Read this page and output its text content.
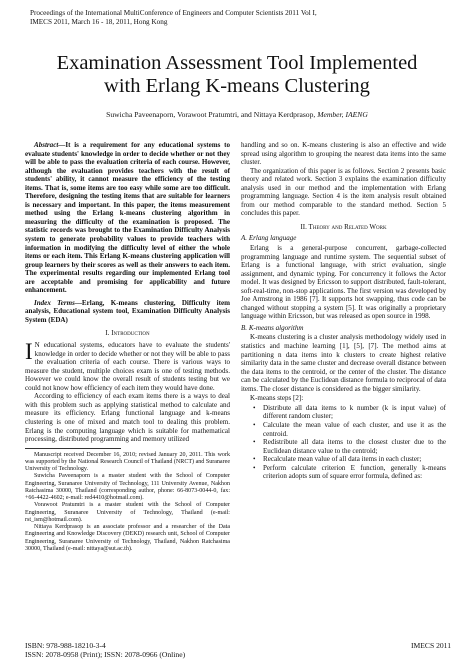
Proceedings of the International MultiConference of Engineers and Computer Scientists 2011 Vol I,
IMECS 2011, March 16 - 18, 2011, Hong Kong

Examination Assessment Tool Implemented
with Erlang K-means Clustering

Suwicha Paveenaporn, Vorawoot Pratumtri, and Nittaya Kerdprasop, Member, IAENG

Abstract—It is a requirement for any educational systems to evaluate students' knowledge in order to decide whether or not they will be able to pass the evaluation criteria of each course. However, although the evaluation provides teachers with the result of students' ability, it cannot measure the efficiency of the testing items. That is, some items are too easy while some are too difficult. Therefore, designing the testing items that are suitable for learners is necessary and important. In this paper, the items measurement method using the Erlang k-means clustering algorithm in measuring the difficulty of the examination is proposed. The statistic records was brought to the Examination Difficulty Analysis system to generate probability values to provide teachers with information in modifying the difficulty level of either the whole items or each item. This Erlang K-means clustering application will group learners by their scores as well as their answers to each item. The experimental results regarding our implemented Erlang tool are acceptable and promising for applicability and future enhancement.

Index Terms—Erlang, K-means clustering, Difficulty item analysis, Educational system tool, Examination Difficulty Analysis System (EDA)

I. Introduction

I N educational systems, educators have to evaluate the students' knowledge in order to decide whether or not they will be able to pass the evaluation criteria of each course. There is various ways to measure the student, multiple choices exam is one of testing methods. However we could know the overall result of students testing but we could not know how efficiency of each item they would have done.

According to efficiency of each exam items there is a ways to deal with this problem such as applying statistical method to calculate and measure its efficiency. Erlang functional language and k-means clustering is one of mixed and match tool to dealing this problem. Erlang is the computing language which is suitable for mathematical processing, distributed programming and memory utilized

Manuscript received December 16, 2010; revised January 20, 2011. This work was supported by the National Research Council of Thailand (NRCT) and Suranaree University of Technology.

Suwicha Paveenaporn is a master student with the School of Computer Engineering, Suranaree University of Technology, 111 University Avenue, Nakhon Ratchasima 30000, Thailand (corresponding author, phone: 66-8073-0044-0, fax: +66-4422-4602; e-mail: red4410@hotmail.com).

Vorawoot Pratumtri is a master student with the School of Computer Engineering, Suranaree University of Technology, Thailand (e-mail: rst_ism@hotmail.com).

Nittaya Kerdprasop is an associate professor and a researcher of the Data Engineering and Knowledge Discovery (DEKD) research unit, School of Computer Engineering, Suranaree University of Technology, Thailand, Nakhon Ratchasima 30000, Thailand (e-mail: nittaya@sut.ac.th).

handling and so on. K-means clustering is also an effective and wide spread using algorithm to grouping the nearest data items into the same cluster.

The organization of this paper is as follows. Section 2 presents basic theory and related work. Section 3 explains the examination difficulty analysis used in our method and the implementation with Erlang programming language. Section 4 is the item analysis result obtained from our method comparable to the standard method. Section 5 concludes this paper.

II. Theory and Related Work
A. Erlang language

Erlang is a general-purpose concurrent, garbage-collected programming language and runtime system. The sequential subset of Erlang is a functional language, with strict evaluation, single assignment, and dynamic typing. For concurrency it follows the Actor model. It was designed by Ericsson to support distributed, fault-tolerant, soft-real-time, non-stop applications. The first version was developed by Joe Armstrong in 1986 [7]. It supports hot swapping, thus code can be changed without stopping a system [5]. It was originally a proprietary language within Ericsson, but was released as open source in 1998.

B. K-means algorithm

K-means clustering is a cluster analysis methodology widely used in statistics and machine learning [1], [5], [7]. The method aims at partitioning n data items into k clusters to create highest relative similarity data in the same cluster and decrease overall distance between the data items to the centroid, or the center of the cluster. The distance can be calculated by the Euclidean distance formula to reciprocal of data items. The closer distance is considered as the bigger similarity.

K-means steps [2]:

• Distribute all data items to k number (k is input value) of different random cluster;
• Calculate the mean value of each cluster, and use it as the centroid.
• Redistribute all data items to the closest cluster due to the Euclidean distance value to the centroid;
• Recalculate mean value of all data items in each cluster;
• Perform calculate criterion E function, generally k-means criterion adopts sum of square error formula, defined as:

ISBN: 978-988-18210-3-4
ISSN: 2078-0958 (Print); ISSN: 2078-0966 (Online)

IMECS 2011
